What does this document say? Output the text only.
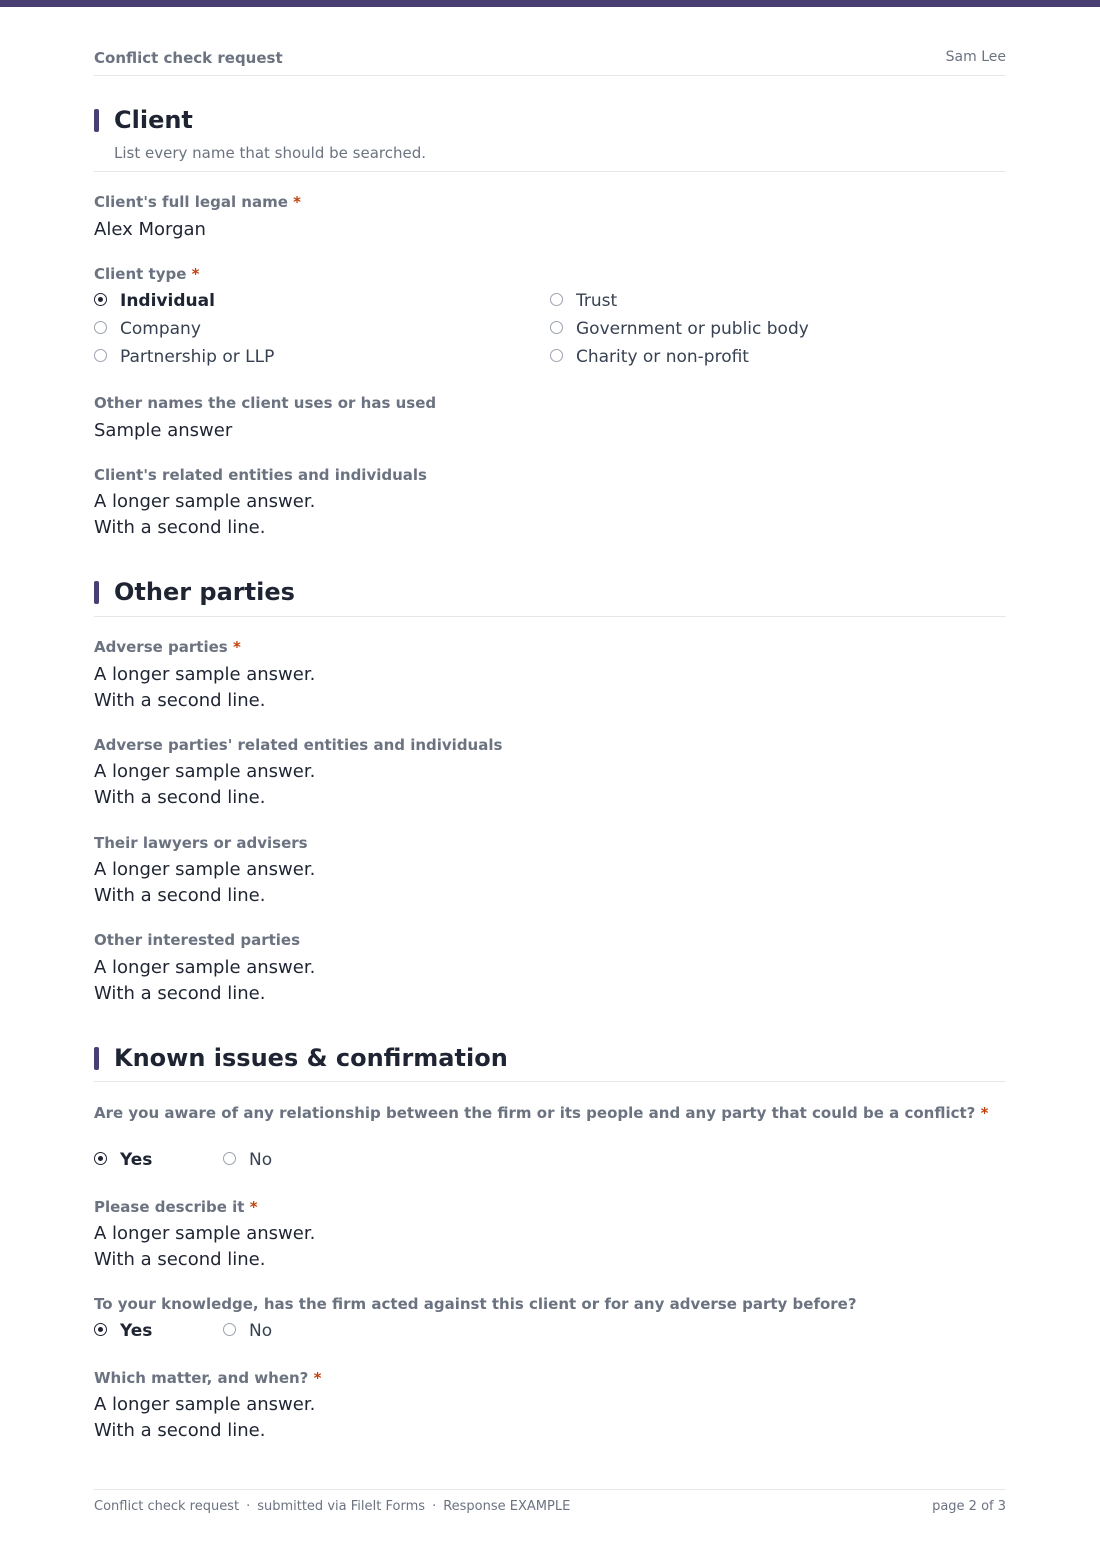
Conflict check request	Sam Lee
Client
List every name that should be searched.
Client's full legal name *
Alex Morgan
Client type *
Individual
Company
Partnership or LLP
Trust
Government or public body
Charity or non-profit
Other names the client uses or has used
Sample answer
Client's related entities and individuals
A longer sample answer.
With a second line.
Other parties
Adverse parties *
A longer sample answer.
With a second line.
Adverse parties' related entities and individuals
A longer sample answer.
With a second line.
Their lawyers or advisers
A longer sample answer.
With a second line.
Other interested parties
A longer sample answer.
With a second line.
Known issues & confirmation
Are you aware of any relationship between the firm or its people and any party that could be a conflict? *
Yes	No
Please describe it *
A longer sample answer.
With a second line.
To your knowledge, has the firm acted against this client or for any adverse party before?
Yes	No
Which matter, and when? *
A longer sample answer.
With a second line.
Conflict check request · submitted via FileIt Forms · Response EXAMPLE	page 2 of 3
